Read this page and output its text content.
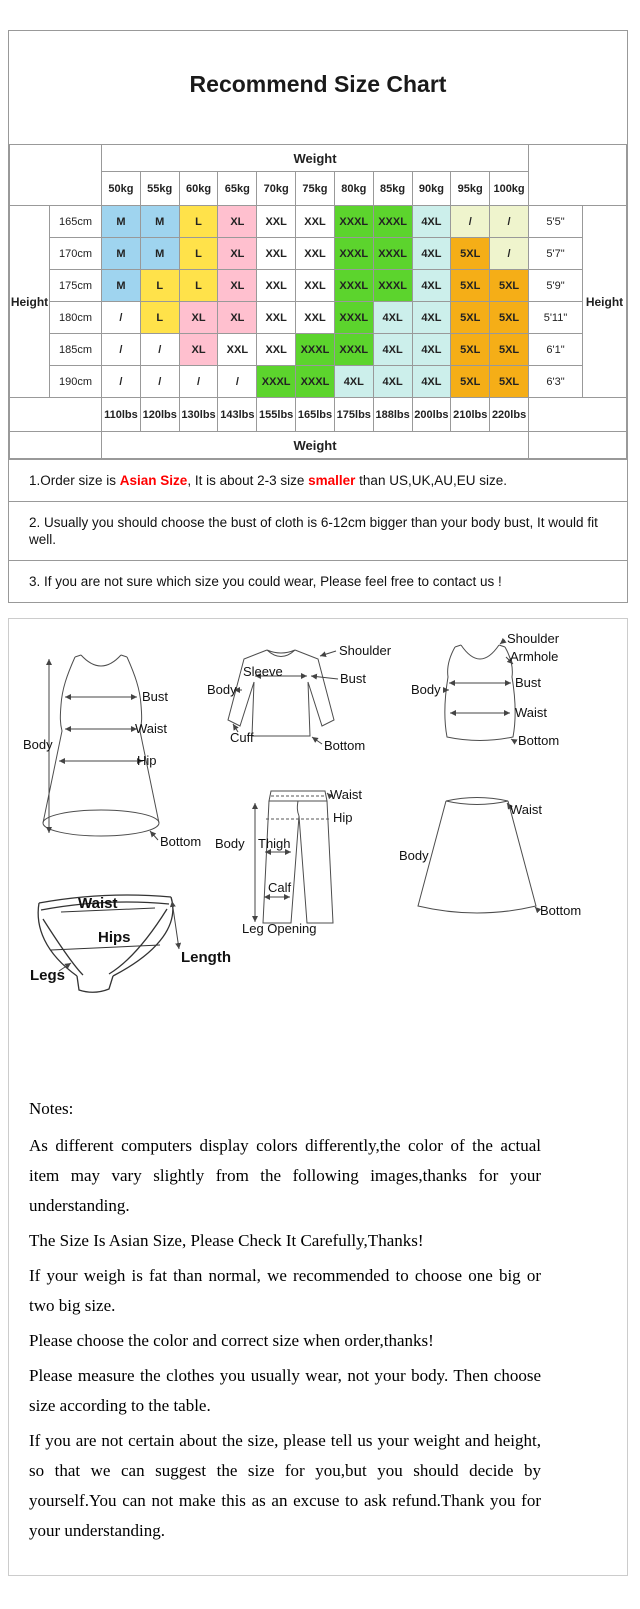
Recommend Size Chart
		Weight												
		50kg	55kg	60kg	65kg	70kg	75kg	80kg	85kg	90kg	95kg	100kg		
Height	165cm	M	M	L	XL	XXL	XXL	XXXL	XXXL	4XL	/	/	5'5"	Height
	170cm	M	M	L	XL	XXL	XXL	XXXL	XXXL	4XL	5XL	/	5'7"	
	175cm	M	L	L	XL	XXL	XXL	XXXL	XXXL	4XL	5XL	5XL	5'9"	
	180cm	/	L	XL	XL	XXL	XXL	XXXL	4XL	4XL	5XL	5XL	5'11"	
	185cm	/	/	XL	XXL	XXL	XXXL	XXXL	4XL	4XL	5XL	5XL	6'1"	
	190cm	/	/	/	/	XXXL	XXXL	4XL	4XL	4XL	5XL	5XL	6'3"	
		110lbs	120lbs	130lbs	143lbs	155lbs	165lbs	175lbs	188lbs	200lbs	210lbs	220lbs		
		Weight												
1.Order size is Asian Size, It is about 2-3 size smaller than US,UK,AU,EU size.
2. Usually you should choose the bust of cloth is 6-12cm bigger than your body bust, It would fit well.
3. If you are not sure which size you could wear, Please feel free to contact us !
Bust
Waist
Hip
Body
Bottom
Shoulder
Sleeve	Bust
Body
Cuff
Bottom
Shoulder
Armhole
Bust
Body
Waist
Bottom
Waist
Hip
Body Thigh
Calf
Leg Opening
Waist
Body
Bottom
Waist
Hips
Legs
Length

Notes:

As different computers display colors differently,the color of the actual item may vary slightly from the following images,thanks for your understanding.

The Size Is Asian Size, Please Check It Carefully,Thanks!

If your weigh is fat than normal, we recommended to choose one big or two big size.

Please choose the color and correct size when order,thanks!

Please measure the clothes you usually wear, not your body. Then choose size according to the table.

If you are not certain about the size, please tell us your weight and height, so that we can suggest the size for you,but you should decide by yourself.You can not make this as an excuse to ask refund.Thank you for your understanding.
